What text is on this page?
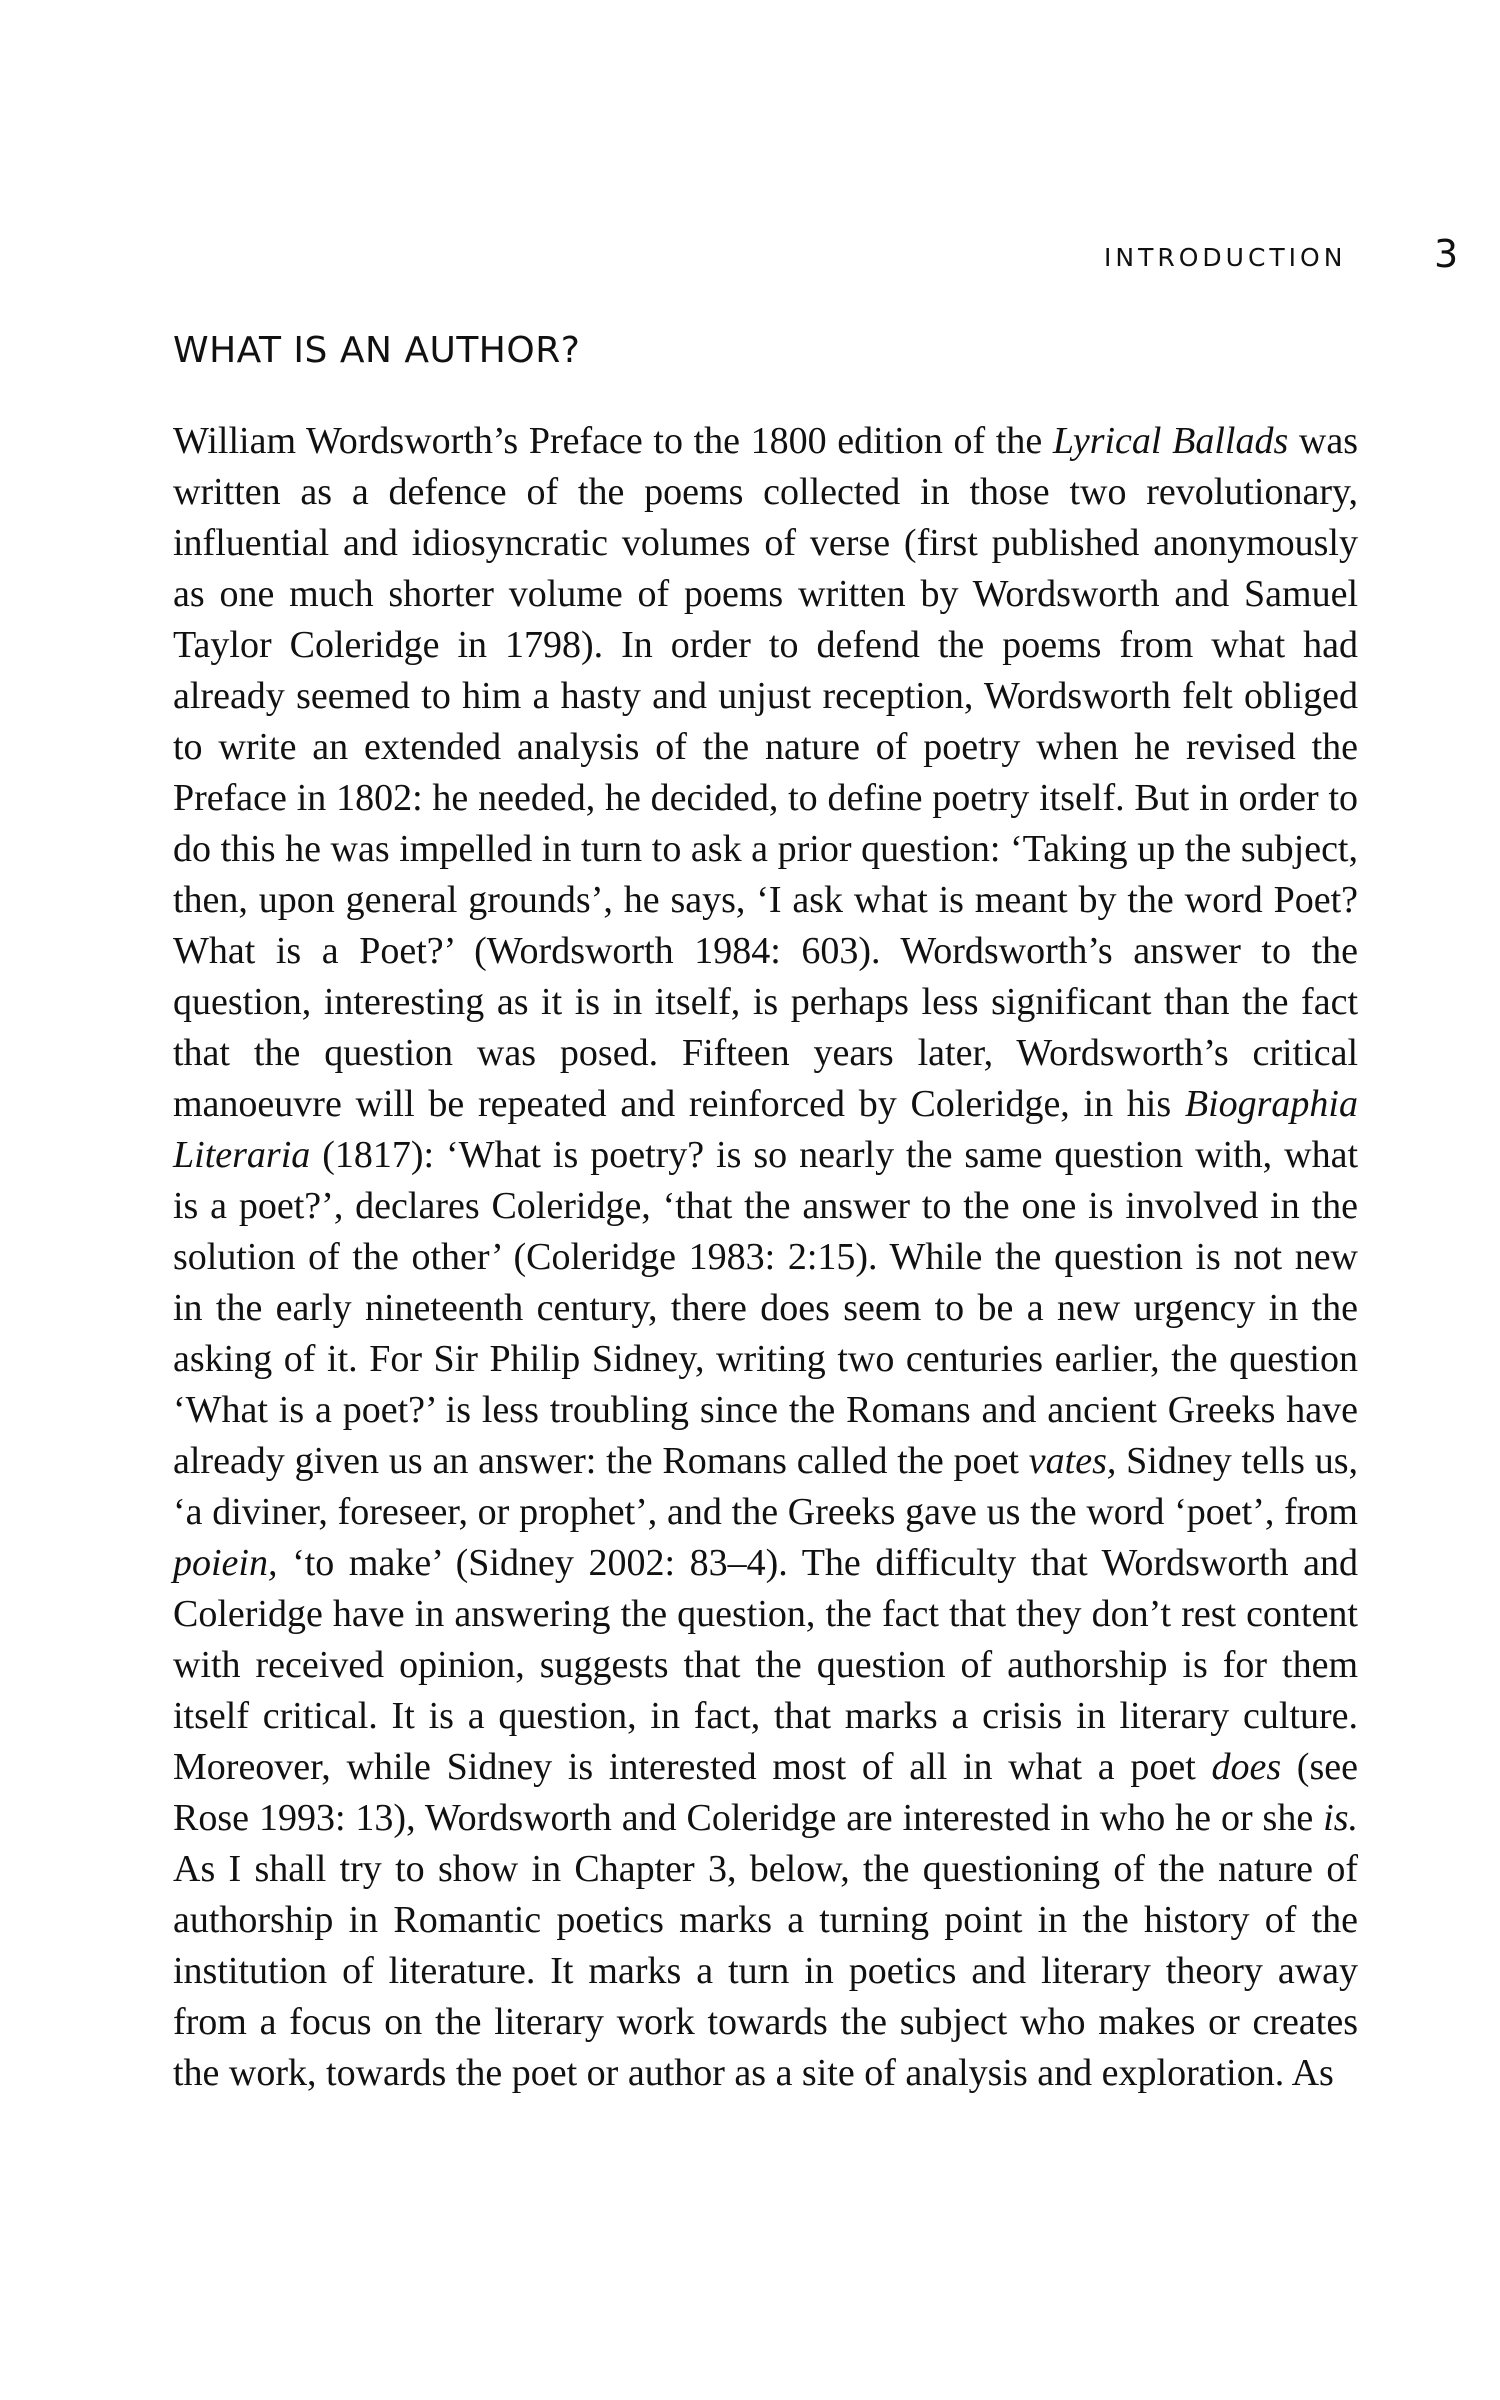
INTRODUCTION 3
WHAT IS AN AUTHOR?

William Wordsworth’s Preface to the 1800 edition of the Lyrical Ballads was written as a defence of the poems collected in those two revolutionary, influential and idiosyncratic volumes of verse (first published anonymously as one much shorter volume of poems written by Wordsworth and Samuel Taylor Coleridge in 1798). In order to defend the poems from what had already seemed to him a hasty and unjust reception, Wordsworth felt obliged to write an extended analysis of the nature of poetry when he revised the Preface in 1802: he needed, he decided, to define poetry itself. But in order to do this he was impelled in turn to ask a prior question: ‘Taking up the subject, then, upon general grounds’, he says, ‘I ask what is meant by the word Poet? What is a Poet?’ (Wordsworth 1984: 603). Wordsworth’s answer to the question, interesting as it is in itself, is perhaps less significant than the fact that the question was posed. Fifteen years later, Wordsworth’s critical manoeuvre will be repeated and reinforced by Coleridge, in his Biographia Literaria (1817): ‘What is poetry? is so nearly the same question with, what is a poet?’, declares Coleridge, ‘that the answer to the one is involved in the solution of the other’ (Coleridge 1983: 2:15). While the question is not new in the early nineteenth century, there does seem to be a new urgency in the asking of it. For Sir Philip Sidney, writing two centuries earlier, the question ‘What is a poet?’ is less troubling since the Romans and ancient Greeks have already given us an answer: the Romans called the poet vates, Sidney tells us, ‘a diviner, foreseer, or prophet’, and the Greeks gave us the word ‘poet’, from poiein, ‘to make’ (Sidney 2002: 83–4). The difficulty that Wordsworth and Coleridge have in answering the question, the fact that they don’t rest content with received opinion, suggests that the question of authorship is for them itself critical. It is a question, in fact, that marks a crisis in literary culture. Moreover, while Sidney is interested most of all in what a poet does (see Rose 1993: 13), Wordsworth and Coleridge are interested in who he or she is. As I shall try to show in Chapter 3, below, the questioning of the nature of authorship in Romantic poetics marks a turning point in the history of the institution of literature. It marks a turn in poetics and literary theory away from a focus on the literary work towards the subject who makes or creates the work, towards the poet or author as a site of analysis and exploration. As
